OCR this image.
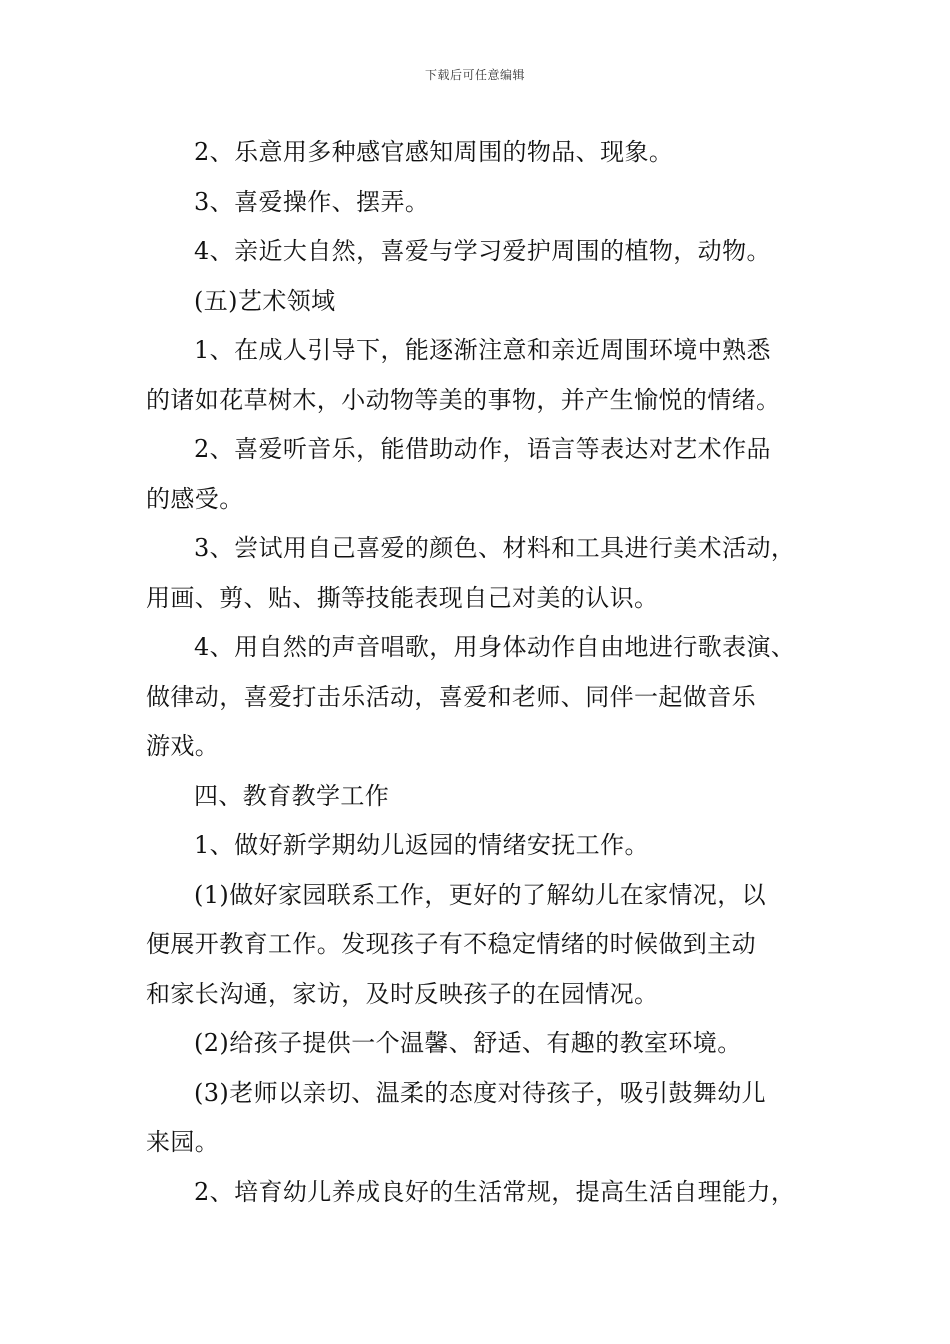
下载后可任意编辑

2、乐意用多种感官感知周围的物品、现象。

3、喜爱操作、摆弄。

4、亲近大自然，喜爱与学习爱护周围的植物，动物。

(五)艺术领域

1、在成人引导下，能逐渐注意和亲近周围环境中熟悉

的诸如花草树木，小动物等美的事物，并产生愉悦的情绪。

2、喜爱听音乐，能借助动作，语言等表达对艺术作品

的感受。

3、尝试用自己喜爱的颜色、材料和工具进行美术活动，

用画、剪、贴、撕等技能表现自己对美的认识。

4、用自然的声音唱歌，用身体动作自由地进行歌表演、

做律动，喜爱打击乐活动，喜爱和老师、同伴一起做音乐

游戏。

四、教育教学工作

1、做好新学期幼儿返园的情绪安抚工作。

(1)做好家园联系工作，更好的了解幼儿在家情况，以

便展开教育工作。发现孩子有不稳定情绪的时候做到主动

和家长沟通，家访，及时反映孩子的在园情况。

(2)给孩子提供一个温馨、舒适、有趣的教室环境。

(3)老师以亲切、温柔的态度对待孩子，吸引鼓舞幼儿

来园。

2、培育幼儿养成良好的生活常规，提高生活自理能力，
